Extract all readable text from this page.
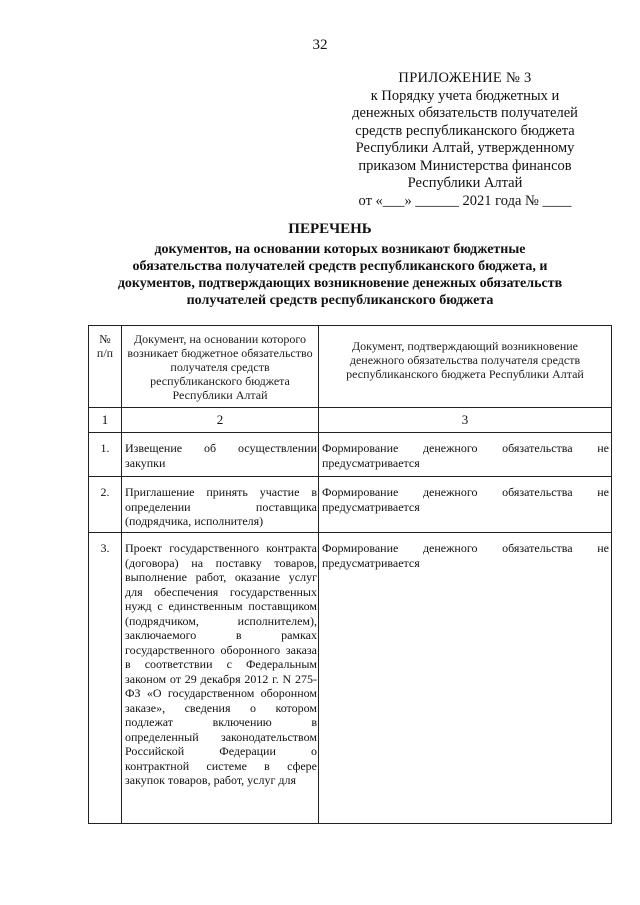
32
ПРИЛОЖЕНИЕ № 3
к Порядку учета бюджетных и
денежных обязательств получателей
средств республиканского бюджета
Республики Алтай, утвержденному
приказом Министерства финансов
Республики Алтай
от «___» ______ 2021 года № ____
ПЕРЕЧЕНЬ
документов, на основании которых возникают бюджетные
обязательства получателей средств республиканского бюджета, и
документов, подтверждающих возникновение денежных обязательств
получателей средств республиканского бюджета
№ п/п	Документ, на основании которого возникает бюджетное обязательство получателя средств республиканского бюджета Республики Алтай	Документ, подтверждающий возникновение денежного обязательства получателя средств республиканского бюджета Республики Алтай

1	2	3

1.	Извещение об осуществлении закупки	Формирование денежного обязательства не предусматривается

2.	Приглашение принять участие в определении поставщика (подрядчика, исполнителя)	Формирование денежного обязательства не предусматривается

3.	Проект государственного контракта (договора) на поставку товаров, выполнение работ, оказание услуг для обеспечения государственных нужд с единственным поставщиком (подрядчиком, исполнителем), заключаемого в рамках государственного оборонного заказа в соответствии с Федеральным законом от 29 декабря 2012 г. N 275-ФЗ «О государственном оборонном заказе», сведения о котором подлежат включению в определенный законодательством Российской Федерации о контрактной системе в сфере закупок товаров, работ, услуг для	Формирование денежного обязательства не предусматривается
